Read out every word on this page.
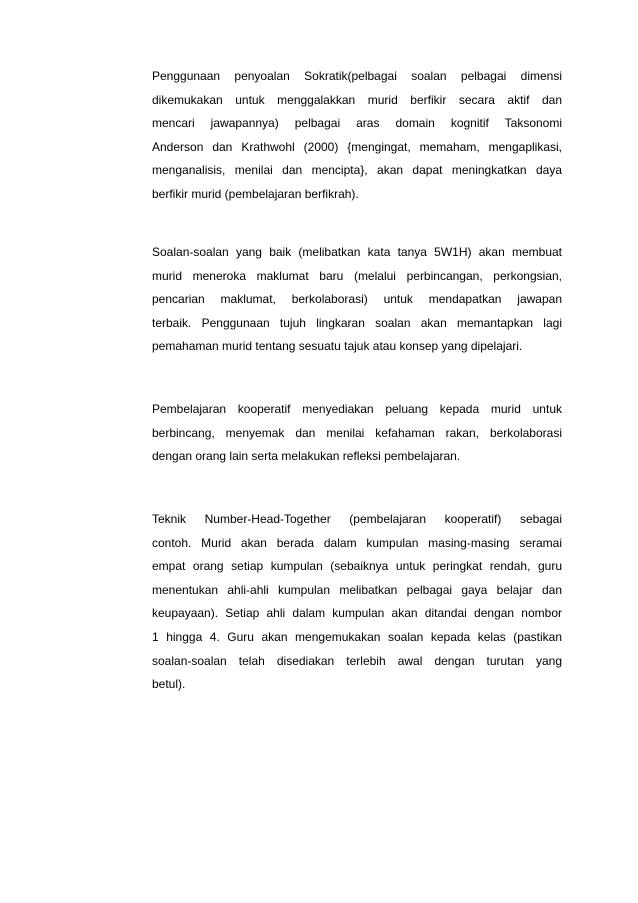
Penggunaan penyoalan Sokratik(pelbagai soalan pelbagai dimensi
dikemukakan untuk menggalakkan murid berfikir secara aktif dan
mencari jawapannya) pelbagai aras domain kognitif Taksonomi
Anderson dan Krathwohl (2000) {mengingat, memaham, mengaplikasi,
menganalisis, menilai dan mencipta}, akan dapat meningkatkan daya
berfikir murid (pembelajaran berfikrah).
Soalan-soalan yang baik (melibatkan kata tanya 5W1H) akan membuat
murid meneroka maklumat baru (melalui perbincangan, perkongsian,
pencarian maklumat, berkolaborasi) untuk mendapatkan jawapan
terbaik. Penggunaan tujuh lingkaran soalan akan memantapkan lagi
pemahaman murid tentang sesuatu tajuk atau konsep yang dipelajari.
Pembelajaran kooperatif menyediakan peluang kepada murid untuk
berbincang, menyemak dan menilai kefahaman rakan, berkolaborasi
dengan orang lain serta melakukan refleksi pembelajaran.
Teknik Number-Head-Together (pembelajaran kooperatif) sebagai
contoh. Murid akan berada dalam kumpulan masing-masing seramai
empat orang setiap kumpulan (sebaiknya untuk peringkat rendah, guru
menentukan ahli-ahli kumpulan melibatkan pelbagai gaya belajar dan
keupayaan). Setiap ahli dalam kumpulan akan ditandai dengan nombor
1 hingga 4. Guru akan mengemukakan soalan kepada kelas (pastikan
soalan-soalan telah disediakan terlebih awal dengan turutan yang
betul).
